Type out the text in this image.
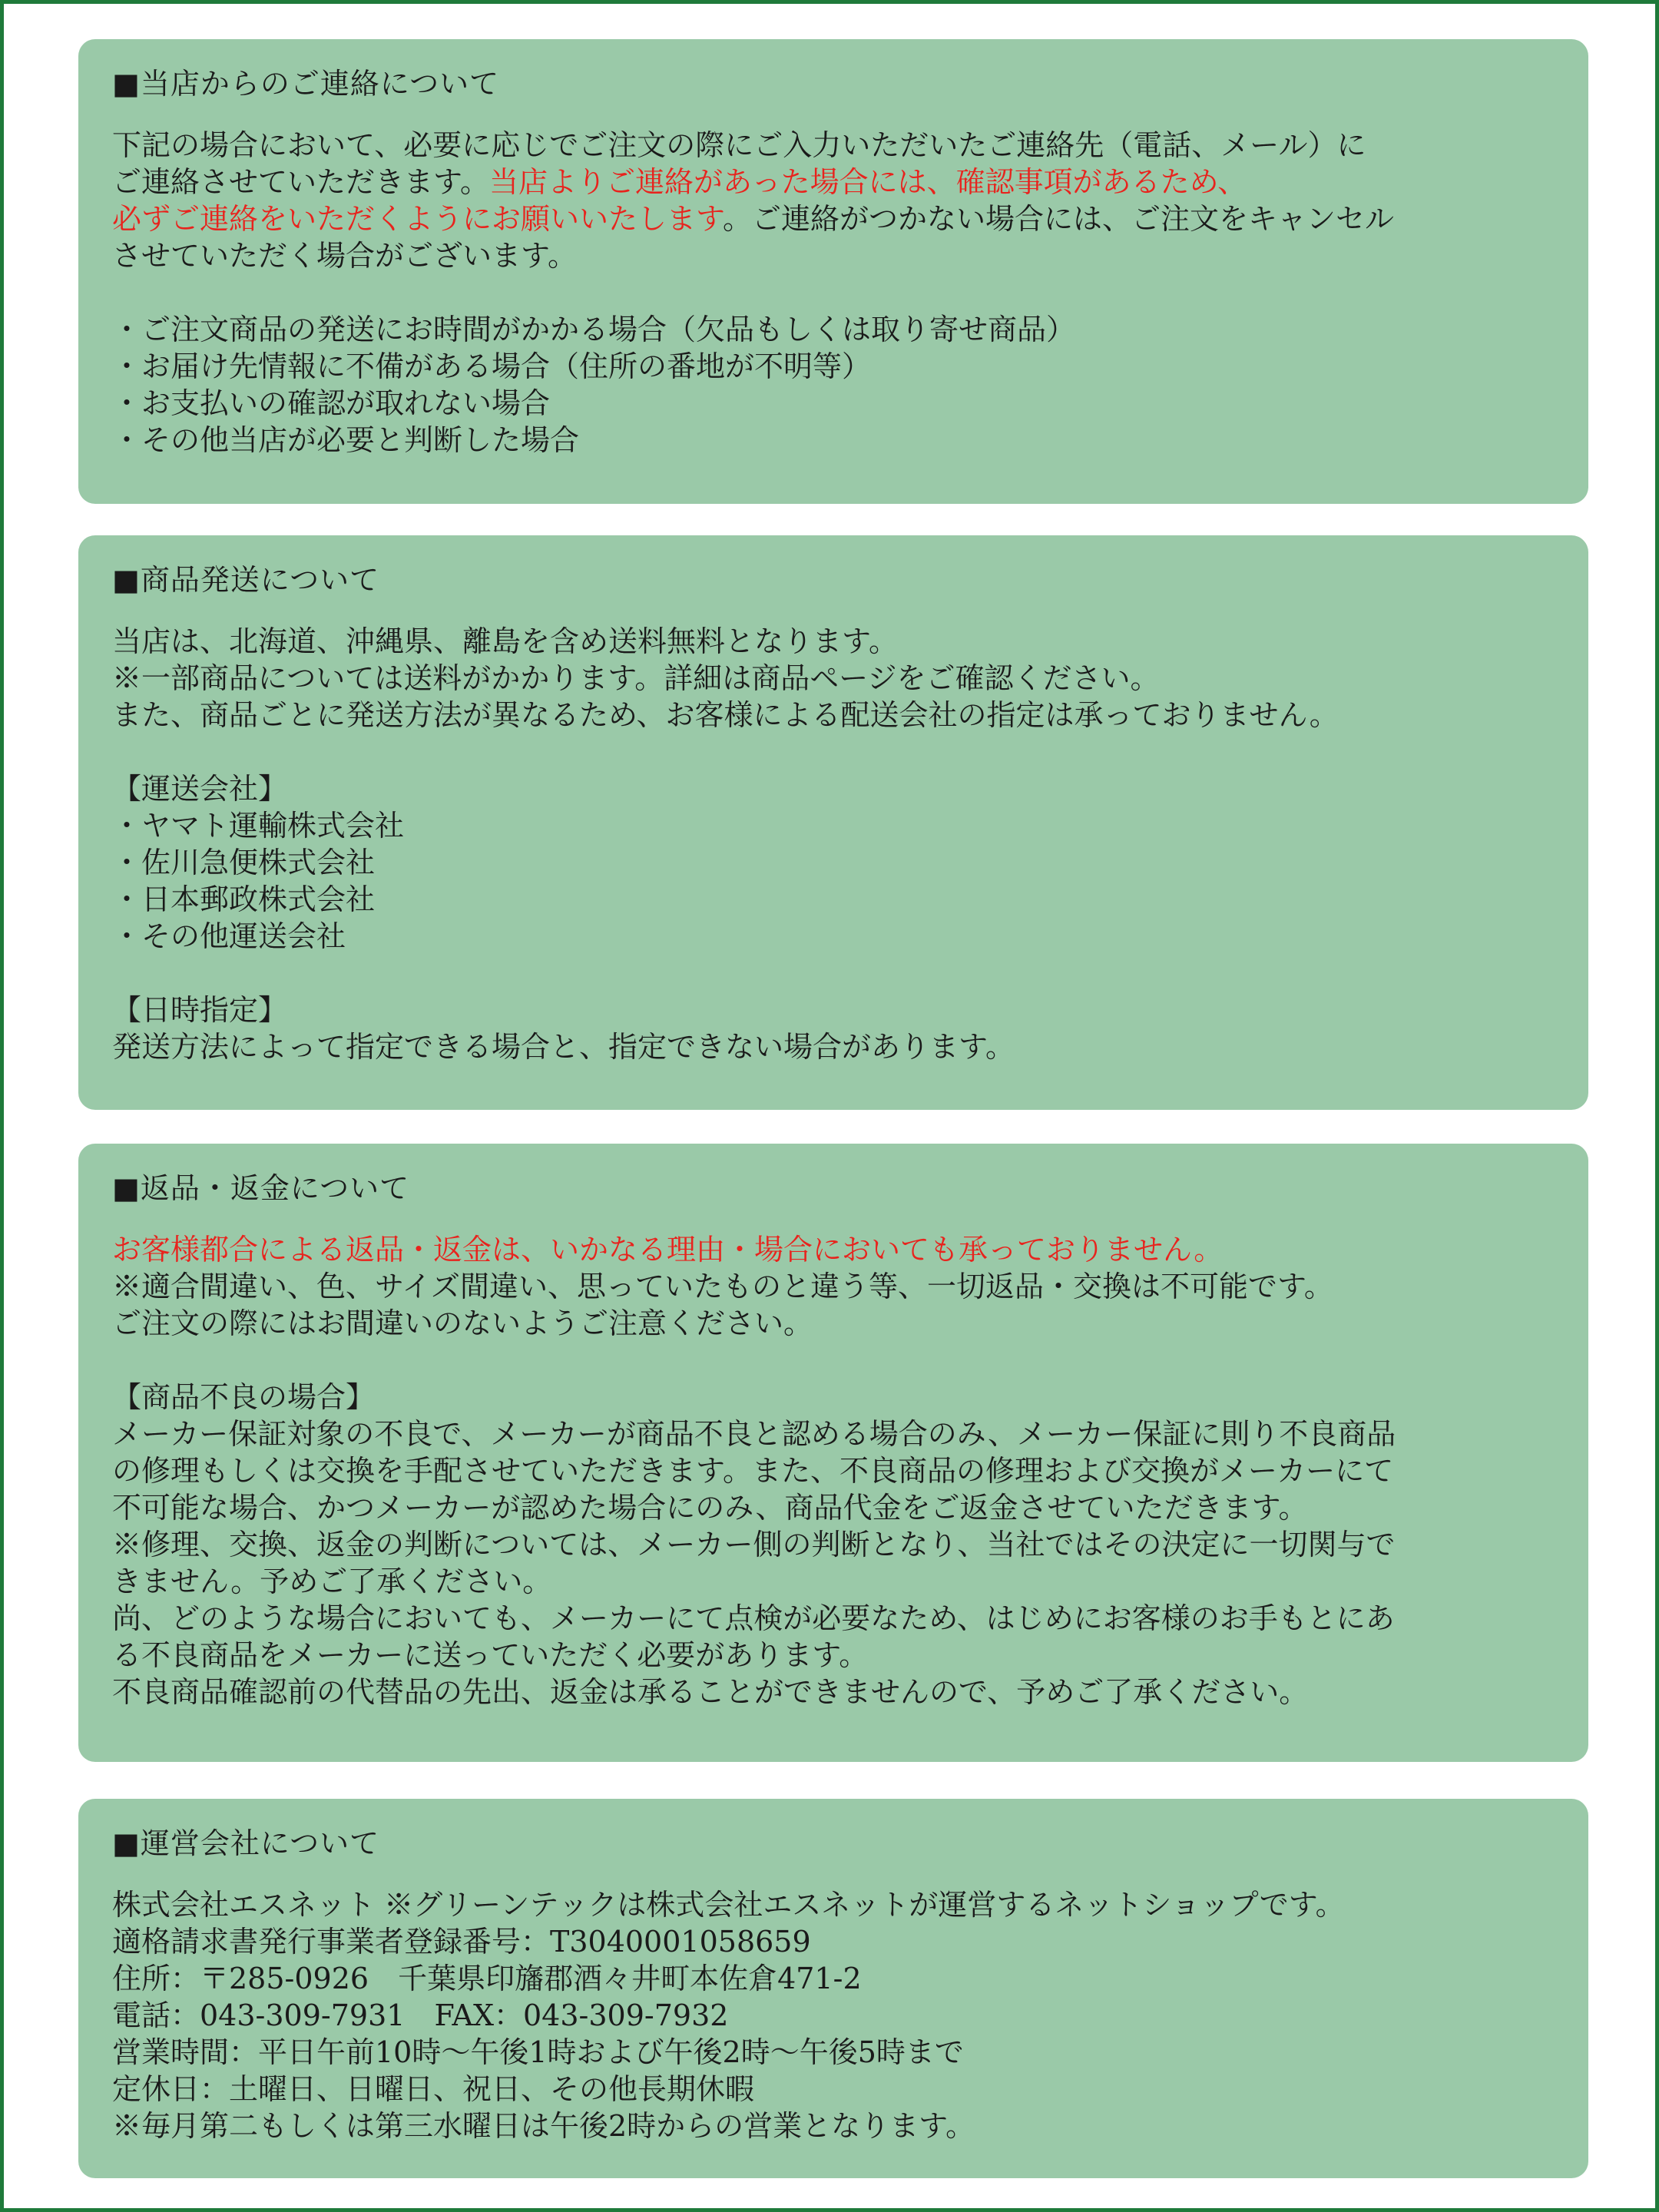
■当店からのご連絡について

下記の場合において、必要に応じでご注文の際にご入力いただいたご連絡先（電話、メール）に
ご連絡させていただきます。当店よりご連絡があった場合には、確認事項があるため、
必ずご連絡をいただくようにお願いいたします。ご連絡がつかない場合には、ご注文をキャンセル
させていただく場合がございます。

・ご注文商品の発送にお時間がかかる場合（欠品もしくは取り寄せ商品）
・お届け先情報に不備がある場合（住所の番地が不明等）
・お支払いの確認が取れない場合
・その他当店が必要と判断した場合

■商品発送について

当店は、北海道、沖縄県、離島を含め送料無料となります。
※一部商品については送料がかかります。詳細は商品ページをご確認ください。
また、商品ごとに発送方法が異なるため、お客様による配送会社の指定は承っておりません。

【運送会社】
・ヤマト運輸株式会社
・佐川急便株式会社
・日本郵政株式会社
・その他運送会社

【日時指定】
発送方法によって指定できる場合と、指定できない場合があります。

■返品・返金について

お客様都合による返品・返金は、いかなる理由・場合においても承っておりません。
※適合間違い、色、サイズ間違い、思っていたものと違う等、一切返品・交換は不可能です。
ご注文の際にはお間違いのないようご注意ください。

【商品不良の場合】
メーカー保証対象の不良で、メーカーが商品不良と認める場合のみ、メーカー保証に則り不良商品
の修理もしくは交換を手配させていただきます。また、不良商品の修理および交換がメーカーにて
不可能な場合、かつメーカーが認めた場合にのみ、商品代金をご返金させていただきます。
※修理、交換、返金の判断については、メーカー側の判断となり、当社ではその決定に一切関与で
きません。予めご了承ください。
尚、どのような場合においても、メーカーにて点検が必要なため、はじめにお客様のお手もとにあ
る不良商品をメーカーに送っていただく必要があります。
不良商品確認前の代替品の先出、返金は承ることができませんので、予めご了承ください。

■運営会社について

株式会社エスネット ※グリーンテックは株式会社エスネットが運営するネットショップです。
適格請求書発行事業者登録番号：T3040001058659
住所：〒285-0926　千葉県印旛郡酒々井町本佐倉471-2
電話：043-309-7931　FAX：043-309-7932
営業時間：平日午前10時～午後1時および午後2時～午後5時まで
定休日：土曜日、日曜日、祝日、その他長期休暇
※毎月第二もしくは第三水曜日は午後2時からの営業となります。
